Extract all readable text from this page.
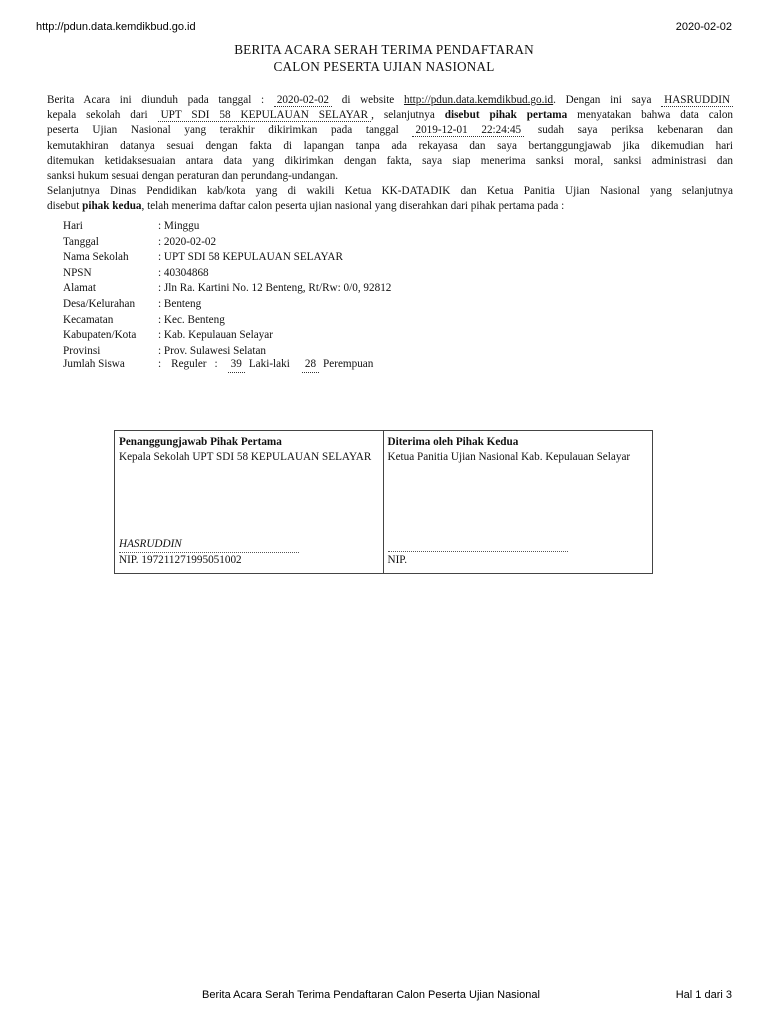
http://pdun.data.kemdikbud.go.id	2020-02-02
BERITA ACARA SERAH TERIMA PENDAFTARAN
CALON PESERTA UJIAN NASIONAL
Berita Acara ini diunduh pada tanggal : 2020-02-02 di website http://pdun.data.kemdikbud.go.id. Dengan ini saya HASRUDDIN
kepala sekolah dari UPT SDI 58 KEPULAUAN SELAYAR , selanjutnya disebut pihak pertama menyatakan bahwa data calon
peserta Ujian Nasional yang terakhir dikirimkan pada tanggal 2019-12-01 22:24:45 sudah saya periksa kebenaran dan
kemutakhiran datanya sesuai dengan fakta di lapangan tanpa ada rekayasa dan saya bertanggungjawab jika dikemudian hari
ditemukan ketidaksesuaian antara data yang dikirimkan dengan fakta, saya siap menerima sanksi moral, sanksi administrasi dan
sanksi hukum sesuai dengan peraturan dan perundang-undangan.
Selanjutnya Dinas Pendidikan kab/kota yang di wakili Ketua KK-DATADIK dan Ketua Panitia Ujian Nasional yang selanjutnya
disebut pihak kedua, telah menerima daftar calon peserta ujian nasional yang diserahkan dari pihak pertama pada :
Hari	: Minggu
Tanggal	: 2020-02-02
Nama Sekolah	: UPT SDI 58 KEPULAUAN SELAYAR
NPSN	: 40304868
Alamat	: Jln Ra. Kartini No. 12 Benteng, Rt/Rw: 0/0, 92812
Desa/Kelurahan	: Benteng
Kecamatan	: Kec. Benteng
Kabupaten/Kota	: Kab. Kepulauan Selayar
Provinsi	: Prov. Sulawesi Selatan
Jumlah Siswa	: Reguler : 39 Laki-laki 28 Perempuan
Penanggungjawab Pihak Pertama
Kepala Sekolah UPT SDI 58 KEPULAUAN SELAYAR
HASRUDDIN
NIP. 197211271995051002
Diterima oleh Pihak Kedua
Ketua Panitia Ujian Nasional Kab. Kepulauan Selayar
NIP.
Berita Acara Serah Terima Pendaftaran Calon Peserta Ujian Nasional	Hal 1 dari 3
